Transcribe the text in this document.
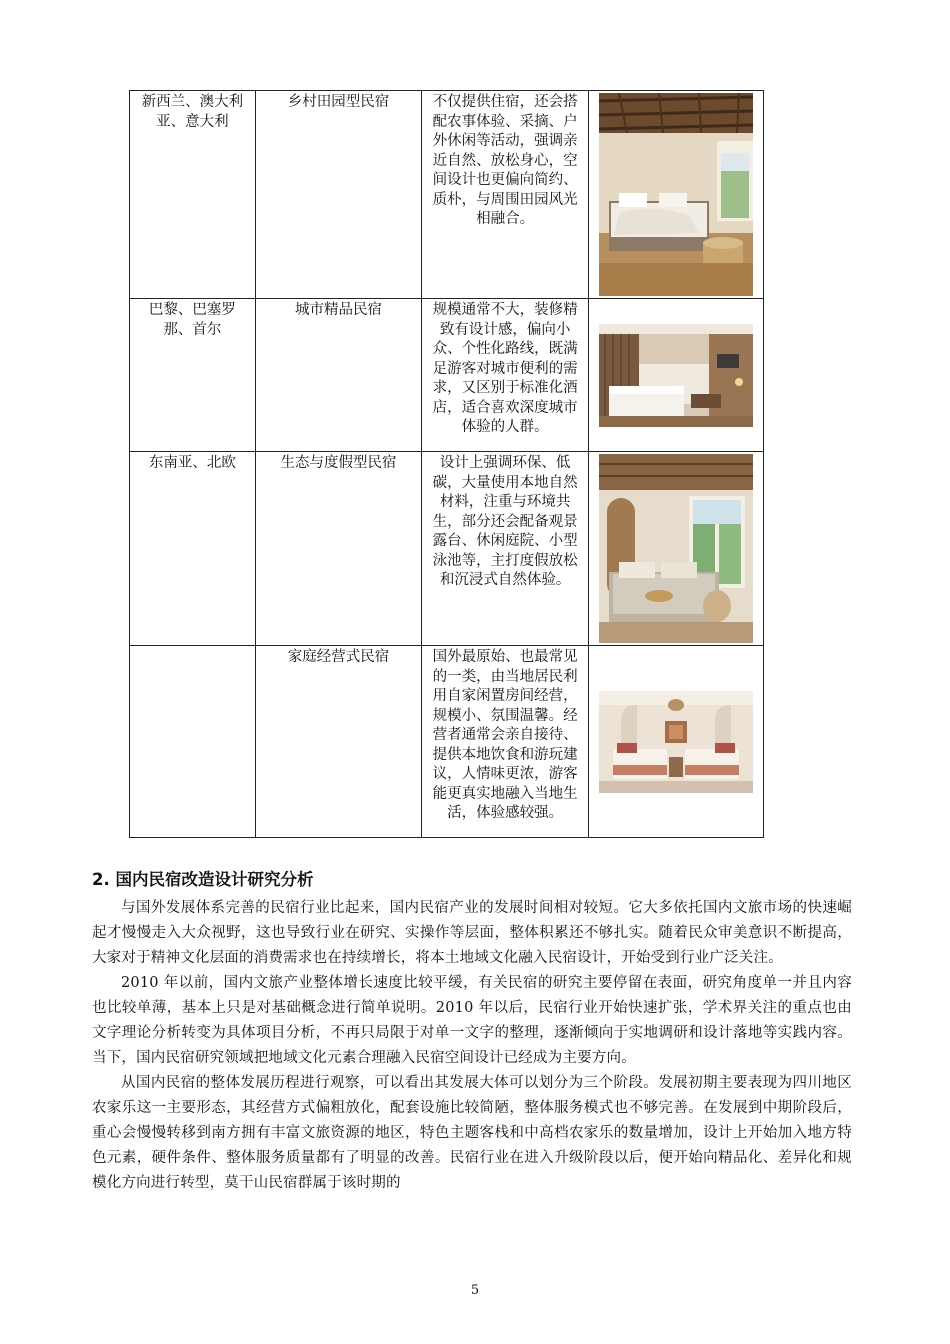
新西兰、澳大利亚、意大利	乡村田园型民宿	不仅提供住宿，还会搭配农事体验、采摘、户外休闲等活动，强调亲近自然、放松身心，空间设计也更偏向简约、质朴，与周围田园风光相融合。	

巴黎、巴塞罗那、首尔	城市精品民宿	规模通常不大，装修精致有设计感，偏向小众、个性化路线，既满足游客对城市便利的需求，又区别于标准化酒店，适合喜欢深度城市体验的人群。	

东南亚、北欧	生态与度假型民宿	设计上强调环保、低碳，大量使用本地自然材料，注重与环境共生，部分还会配备观景露台、休闲庭院、小型泳池等，主打度假放松和沉浸式自然体验。	

	家庭经营式民宿	国外最原始、也最常见的一类，由当地居民利用自家闲置房间经营，规模小、氛围温馨。经营者通常会亲自接待、提供本地饮食和游玩建议，人情味更浓，游客能更真实地融入当地生活，体验感较强。	
2. 国内民宿改造设计研究分析

与国外发展体系完善的民宿行业比起来，国内民宿产业的发展时间相对较短。它大多依托国内文旅市场的快速崛起才慢慢走入大众视野，这也导致行业在研究、实操作等层面，整体积累还不够扎实。随着民众审美意识不断提高，大家对于精神文化层面的消费需求也在持续增长，将本土地域文化融入民宿设计，开始受到行业广泛关注。

2010 年以前，国内文旅产业整体增长速度比较平缓，有关民宿的研究主要停留在表面，研究角度单一并且内容也比较单薄，基本上只是对基础概念进行简单说明。2010 年以后，民宿行业开始快速扩张，学术界关注的重点也由文字理论分析转变为具体项目分析，不再只局限于对单一文字的整理，逐渐倾向于实地调研和设计落地等实践内容。当下，国内民宿研究领域把地域文化元素合理融入民宿空间设计已经成为主要方向。

从国内民宿的整体发展历程进行观察，可以看出其发展大体可以划分为三个阶段。发展初期主要表现为四川地区农家乐这一主要形态，其经营方式偏粗放化，配套设施比较简陋，整体服务模式也不够完善。在发展到中期阶段后，重心会慢慢转移到南方拥有丰富文旅资源的地区，特色主题客栈和中高档农家乐的数量增加，设计上开始加入地方特色元素，硬件条件、整体服务质量都有了明显的改善。民宿行业在进入升级阶段以后，便开始向精品化、差异化和规模化方向进行转型，莫干山民宿群属于该时期的

5
